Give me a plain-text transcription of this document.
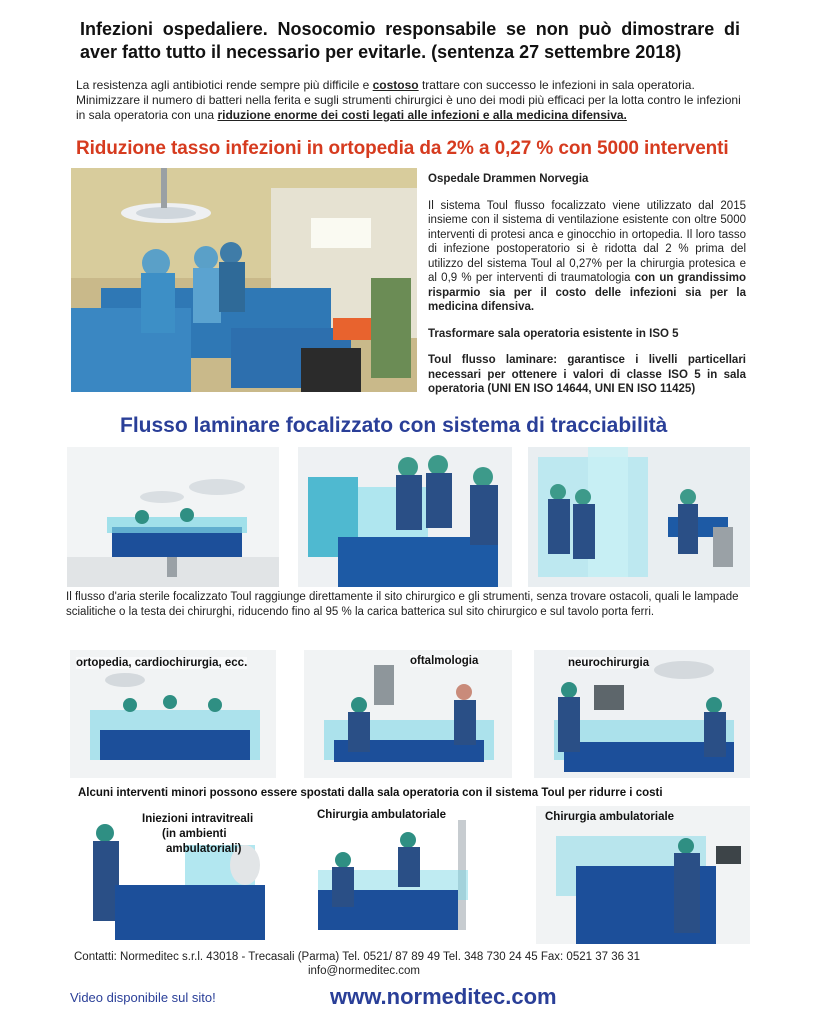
Infezioni ospedaliere. Nosocomio responsabile se non può dimostrare di aver fatto tutto il necessario per evitarle. (sentenza 27 settembre 2018)
La resistenza agli antibiotici rende sempre più difficile e costoso trattare con successo le infezioni in sala operatoria.
Minimizzare il numero di batteri nella ferita e sugli strumenti chirurgici è uno dei modi più efficaci per la lotta contro le infezioni in sala operatoria con una riduzione enorme dei costi legati alle infezioni e alla medicina difensiva.
Riduzione tasso infezioni in ortopedia da 2% a 0,27 % con 5000 interventi

Ospedale Drammen Norvegia

Il sistema Toul flusso focalizzato viene utilizzato dal 2015 insieme con il sistema di ventilazione esistente con oltre 5000 interventi di protesi anca e ginocchio in ortopedia. Il loro tasso di infezione postoperatorio si è ridotta dal 2 % prima del utilizzo del sistema Toul al 0,27% per la chirurgia protesica e al 0,9 % per interventi di traumatologia con un grandissimo risparmio sia per il costo delle infezioni sia per la medicina difensiva.

Trasformare sala operatoria esistente in ISO 5

Toul flusso laminare: garantisce i livelli particellari necessari per ottenere i valori di classe ISO 5 in sala operatoria (UNI EN ISO 14644, UNI EN ISO 11425)

Flusso laminare focalizzato con sistema di tracciabilità
Il flusso d'aria sterile focalizzato Toul raggiunge direttamente il sito chirurgico e gli strumenti, senza trovare ostacoli, quali le lampade scialitiche o la testa dei chirurghi, riducendo fino al 95 % la carica batterica sul sito chirurgico e sul tavolo porta ferri.
ortopedia, cardiochirurgia, ecc.	oftalmologia	neurochirurgia
Alcuni interventi minori possono essere spostati dalla sala operatoria con il sistema Toul per ridurre i costi
Iniezioni intravitreali
(in ambienti
ambulatoriali)
Chirurgia ambulatoriale	Chirurgia ambulatoriale
Contatti: Normeditec s.r.l. 43018 - Trecasali (Parma) Tel. 0521/ 87 89 49 Tel. 348 730 24 45 Fax: 0521 37 36 31
info@normeditec.com
Video disponibile sul sito!	www.normeditec.com
